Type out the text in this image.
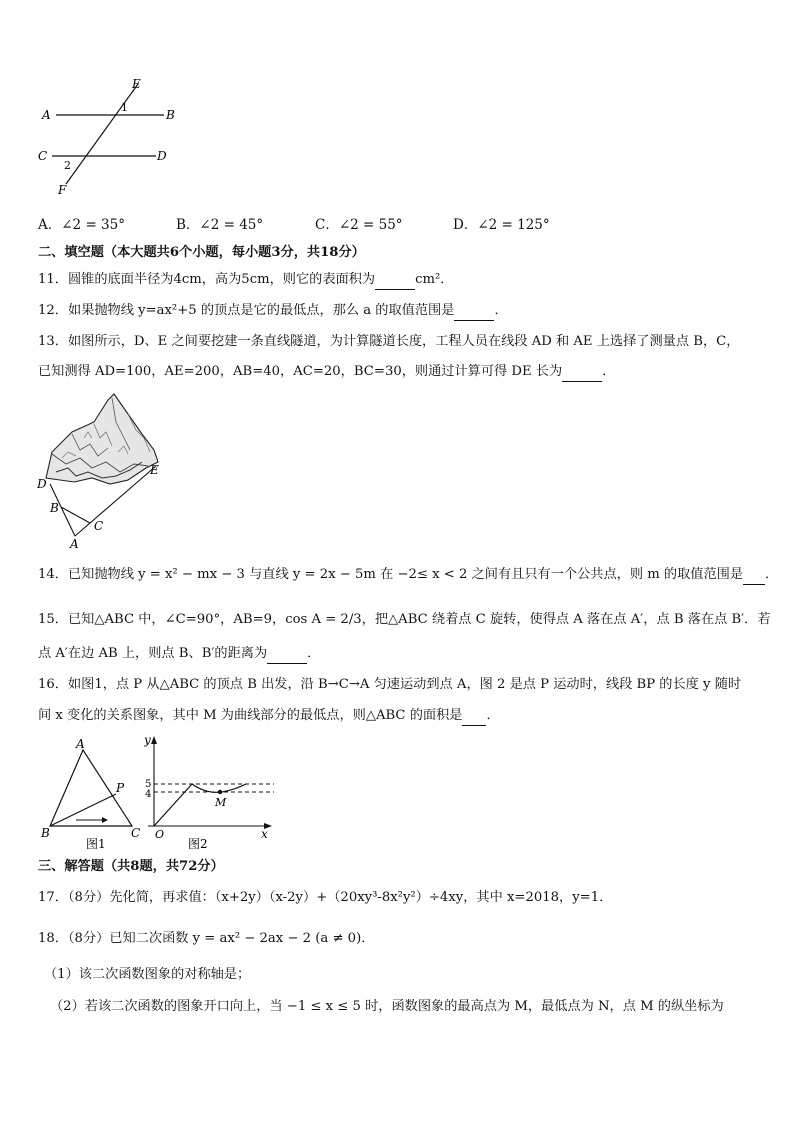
E
A	B
1
C	D
2
F
A．∠2 = 35°	B．∠2 = 45°	C．∠2 = 55°	D．∠2 = 125°
二、填空题（本大题共6个小题，每小题3分，共18分）
11．圆锥的底面半径为4cm，高为5cm，则它的表面积为	cm²．
12．如果抛物线 y=ax²+5 的顶点是它的最低点，那么 a 的取值范围是	．
13．如图所示，D、E 之间要挖建一条直线隧道，为计算隧道长度，工程人员在线段 AD 和 AE 上选择了测量点 B，C，
已知测得 AD=100，AE=200，AB=40，AC=20，BC=30，则通过计算可得 DE 长为	．
D
E
B
C
A
14．已知抛物线 y = x² − mx − 3 与直线 y = 2x − 5m 在 −2≤ x < 2 之间有且只有一个公共点，则 m 的取值范围是 ．
15．已知△ABC 中，∠C=90°，AB=9，cos A = 2/3，把△ABC 绕着点 C 旋转，使得点 A 落在点 A′，点 B 落在点 B′．若
点 A′在边 AB 上，则点 B、B′的距离为	．
16．如图1，点 P 从△ABC 的顶点 B 出发，沿 B→C→A 匀速运动到点 A，图 2 是点 P 运动时，线段 BP 的长度 y 随时
间 x 变化的关系图象，其中 M 为曲线部分的最低点，则△ABC 的面积是 ．
A
P
B	C
图1
y
5
4
M
O	x
图2
三、解答题（共8题，共72分）
17．（8分）先化简，再求值：（x+2y）（x-2y）+（20xy³-8x²y²）÷4xy，其中 x=2018，y=1．
18．（8分）已知二次函数 y = ax² − 2ax − 2 (a ≠ 0)．
（1）该二次函数图象的对称轴是；
（2）若该二次函数的图象开口向上，当 −1 ≤ x ≤ 5 时，函数图象的最高点为 M，最低点为 N，点 M 的纵坐标为
